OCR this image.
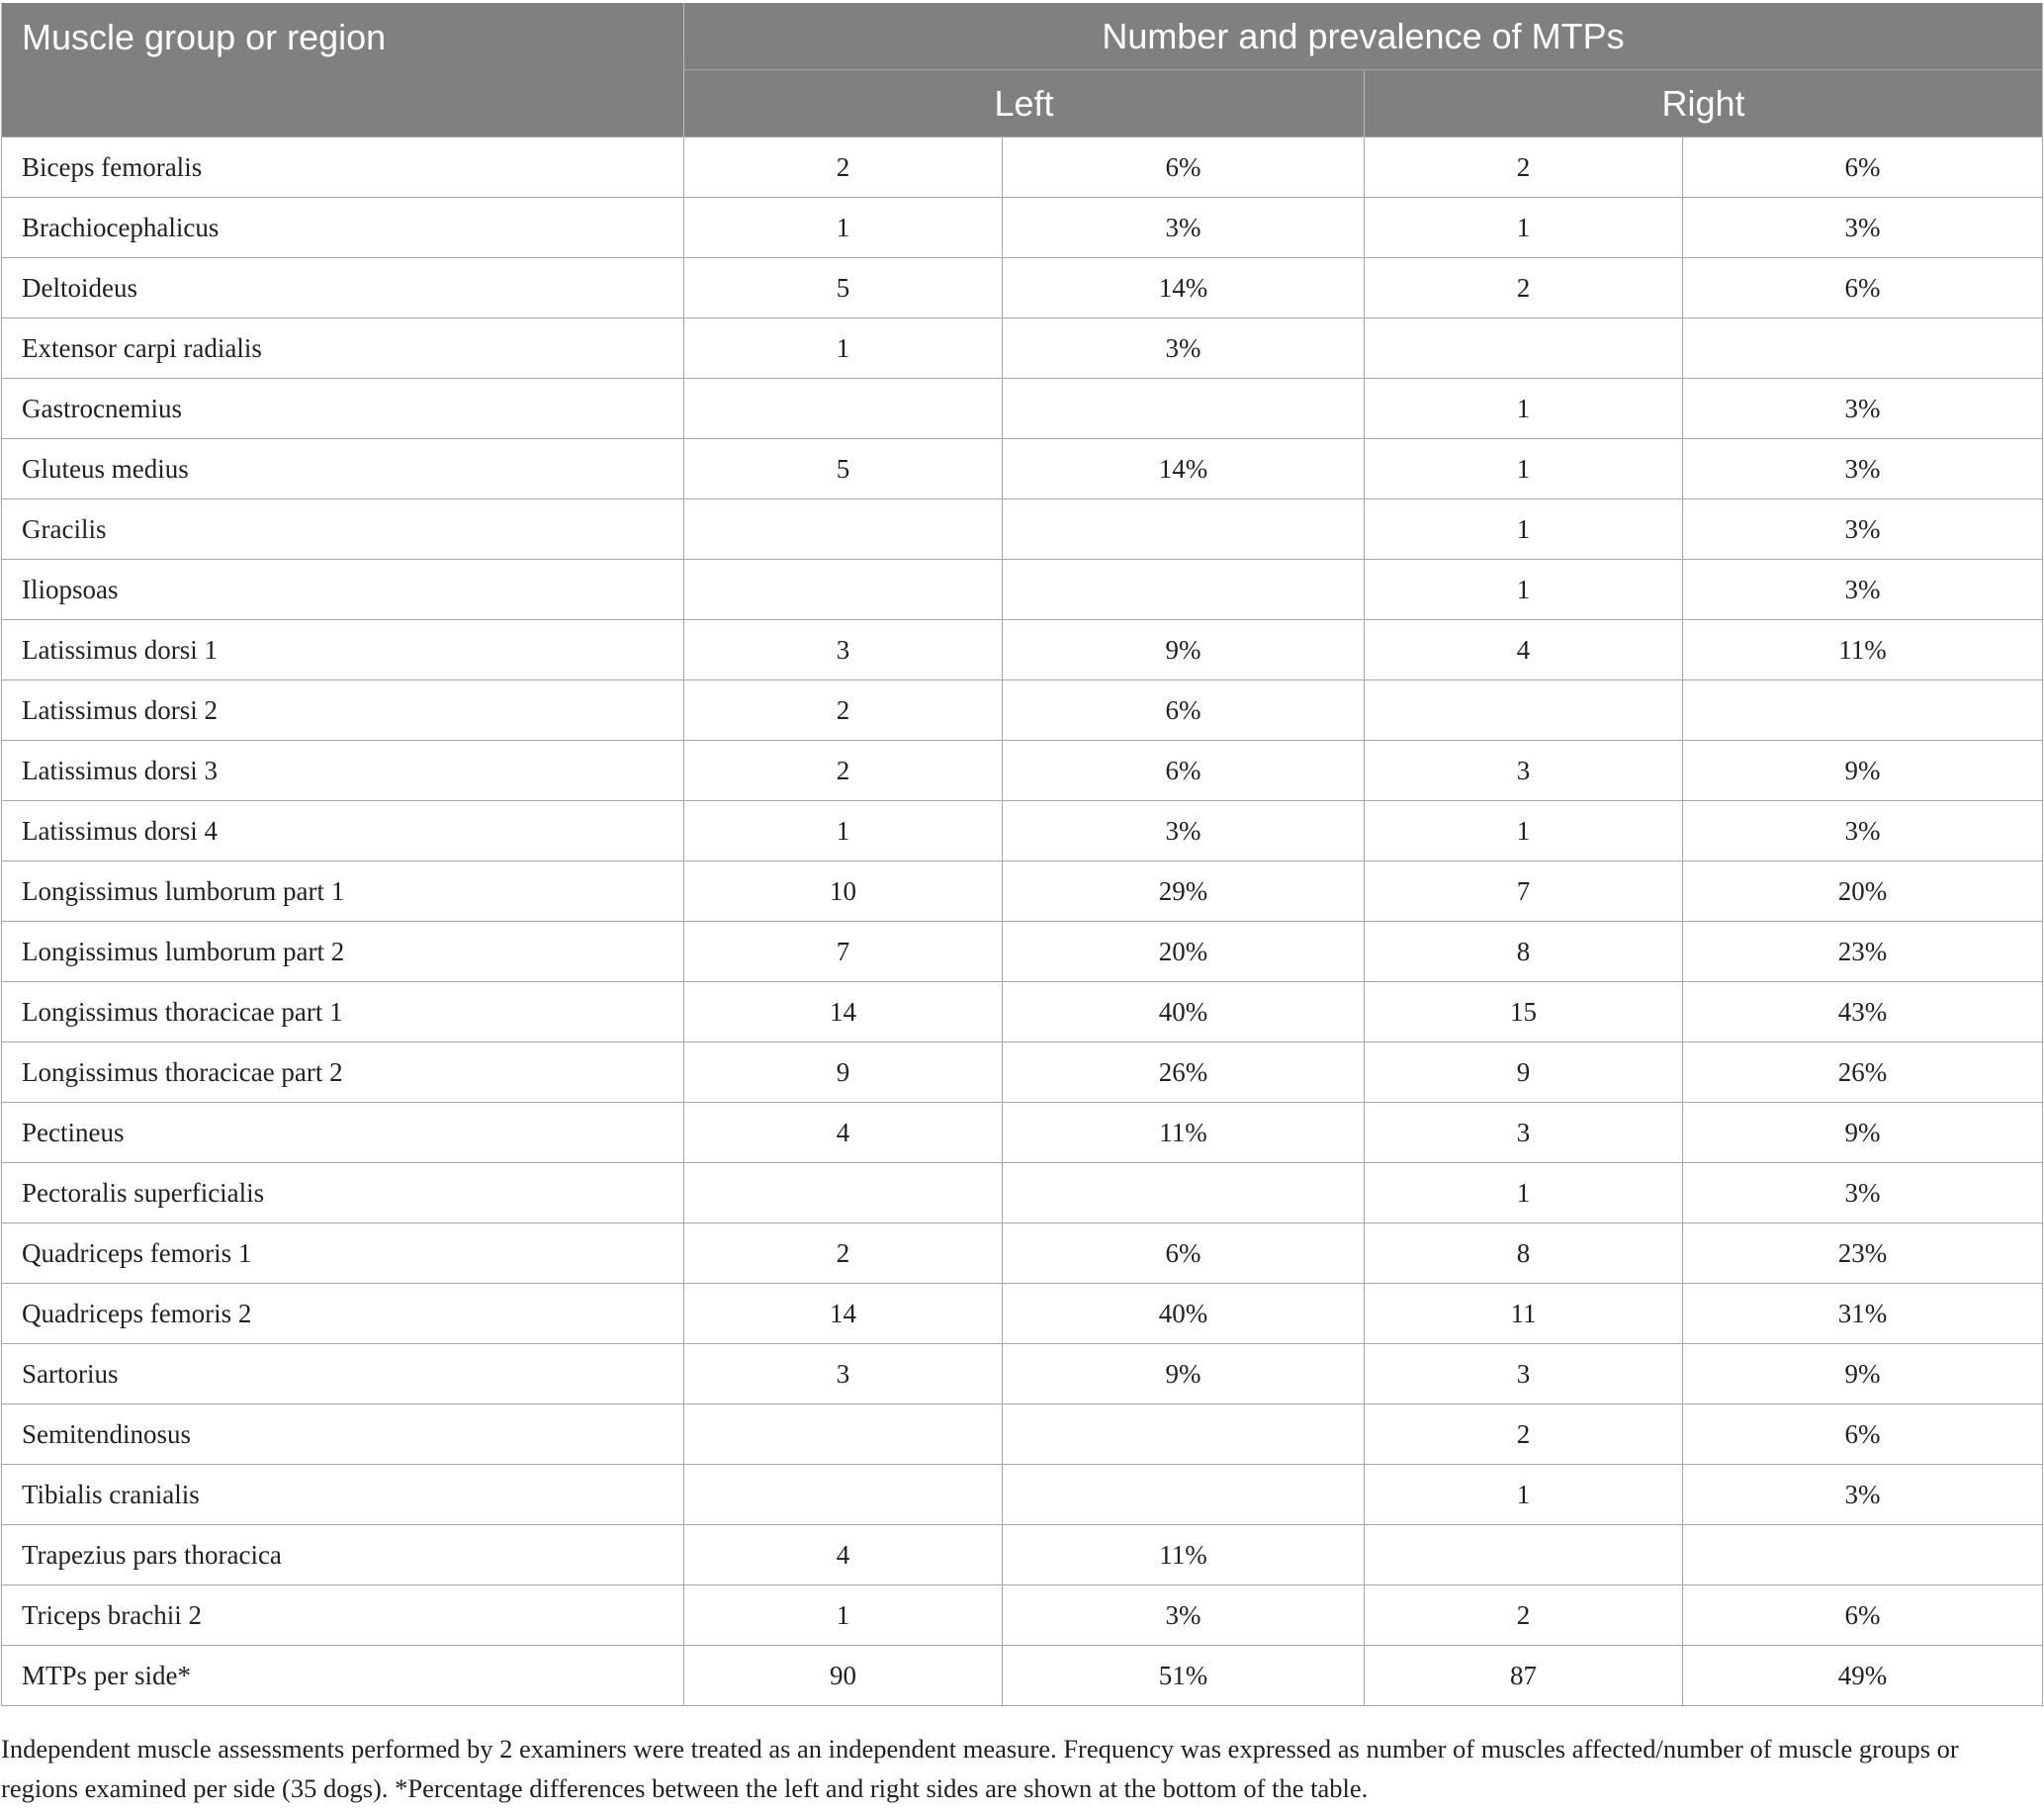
Muscle group or region	Number and prevalence of MTPs			
	Left		Right	
Biceps femoralis	2	6%	2	6%
Brachiocephalicus	1	3%	1	3%
Deltoideus	5	14%	2	6%
Extensor carpi radialis	1	3%		
Gastrocnemius			1	3%
Gluteus medius	5	14%	1	3%
Gracilis			1	3%
Iliopsoas			1	3%
Latissimus dorsi 1	3	9%	4	11%
Latissimus dorsi 2	2	6%		
Latissimus dorsi 3	2	6%	3	9%
Latissimus dorsi 4	1	3%	1	3%
Longissimus lumborum part 1	10	29%	7	20%
Longissimus lumborum part 2	7	20%	8	23%
Longissimus thoracicae part 1	14	40%	15	43%
Longissimus thoracicae part 2	9	26%	9	26%
Pectineus	4	11%	3	9%
Pectoralis superficialis			1	3%
Quadriceps femoris 1	2	6%	8	23%
Quadriceps femoris 2	14	40%	11	31%
Sartorius	3	9%	3	9%
Semitendinosus			2	6%
Tibialis cranialis			1	3%
Trapezius pars thoracica	4	11%		
Triceps brachii 2	1	3%	2	6%
MTPs per side*	90	51%	87	49%
Independent muscle assessments performed by 2 examiners were treated as an independent measure. Frequency was expressed as number of muscles affected/number of muscle groups or regions examined per side (35 dogs). *Percentage differences between the left and right sides are shown at the bottom of the table.
